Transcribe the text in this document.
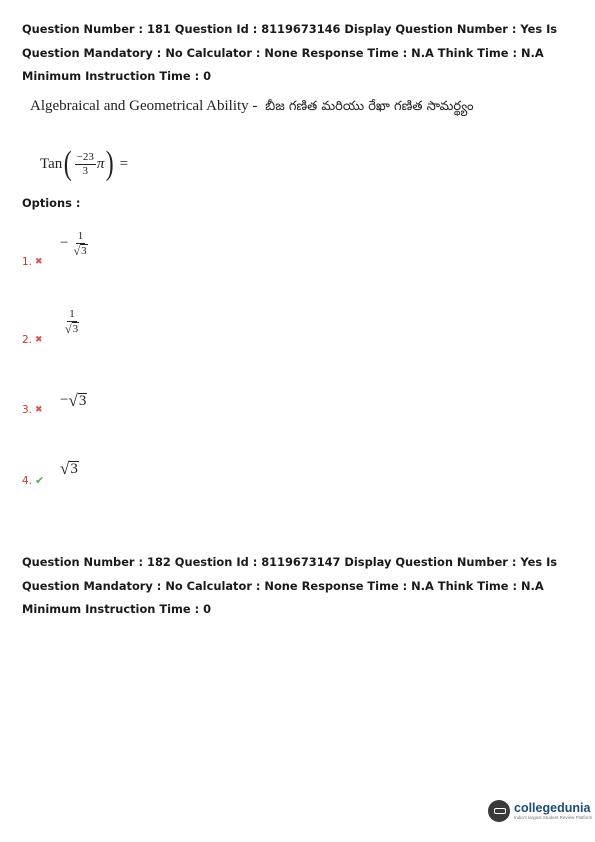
Question Number : 181 Question Id : 8119673146 Display Question Number : Yes Is Question Mandatory : No Calculator : None Response Time : N.A Think Time : N.A Minimum Instruction Time : 0
Algebraical and Geometrical Ability - బీజ గణిత మరియు రేఖా గణిత సామర్థ్యం
Tan ( $\frac{-23}{3}$ π ) =
Options :
1. ✖
− $\frac{1}{√ 3}$
2. ✖
$\frac{1}{√ 3}$
3. ✖
− √ 3
4. ✔
√ 3
Question Number : 182 Question Id : 8119673147 Display Question Number : Yes Is Question Mandatory : No Calculator : None Response Time : N.A Think Time : N.A Minimum Instruction Time : 0
collegedunia
India's largest Student Review Platform
